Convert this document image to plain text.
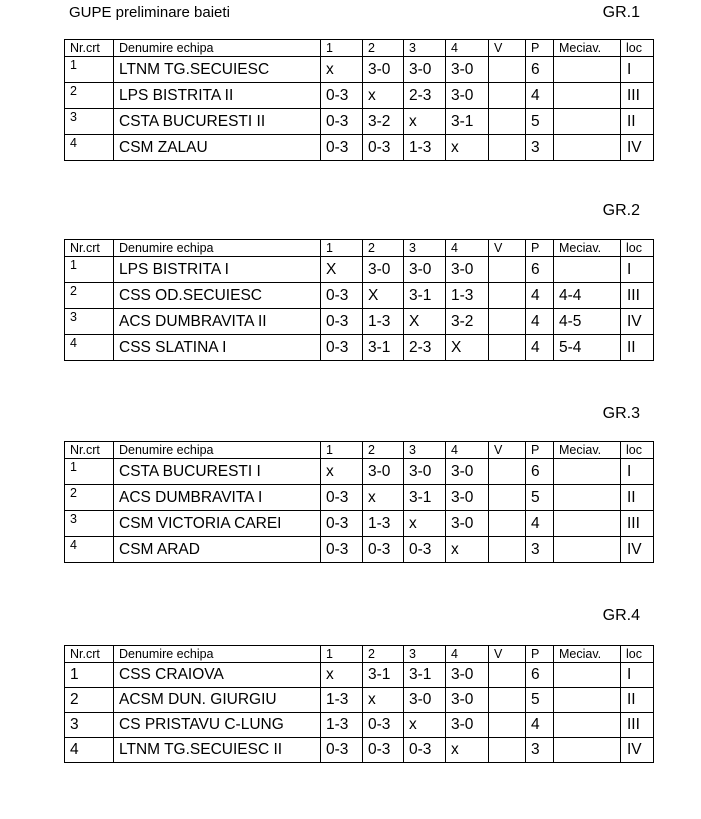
GUPE preliminare baieti	GR.1
Nr.crt	Denumire echipa	1	2	3	4	V	P	Meciav.	loc
1	LTNM TG.SECUIESC	x	3-0	3-0	3-0		6		I
2	LPS BISTRITA II	0-3	x	2-3	3-0		4		III
3	CSTA BUCURESTI II	0-3	3-2	x	3-1		5		II
4	CSM ZALAU	0-3	0-3	1-3	x		3		IV
GR.2
Nr.crt	Denumire echipa	1	2	3	4	V	P	Meciav.	loc
1	LPS BISTRITA I	X	3-0	3-0	3-0		6		I
2	CSS OD.SECUIESC	0-3	X	3-1	1-3		4	4-4	III
3	ACS DUMBRAVITA II	0-3	1-3	X	3-2		4	4-5	IV
4	CSS SLATINA I	0-3	3-1	2-3	X		4	5-4	II
GR.3
Nr.crt	Denumire echipa	1	2	3	4	V	P	Meciav.	loc
1	CSTA BUCURESTI I	x	3-0	3-0	3-0		6		I
2	ACS DUMBRAVITA I	0-3	x	3-1	3-0		5		II
3	CSM VICTORIA CAREI	0-3	1-3	x	3-0		4		III
4	CSM ARAD	0-3	0-3	0-3	x		3		IV
GR.4
Nr.crt	Denumire echipa	1	2	3	4	V	P	Meciav.	loc
1	CSS CRAIOVA	x	3-1	3-1	3-0		6		I
2	ACSM DUN. GIURGIU	1-3	x	3-0	3-0		5		II
3	CS PRISTAVU C-LUNG	1-3	0-3	x	3-0		4		III
4	LTNM TG.SECUIESC II	0-3	0-3	0-3	x		3		IV
